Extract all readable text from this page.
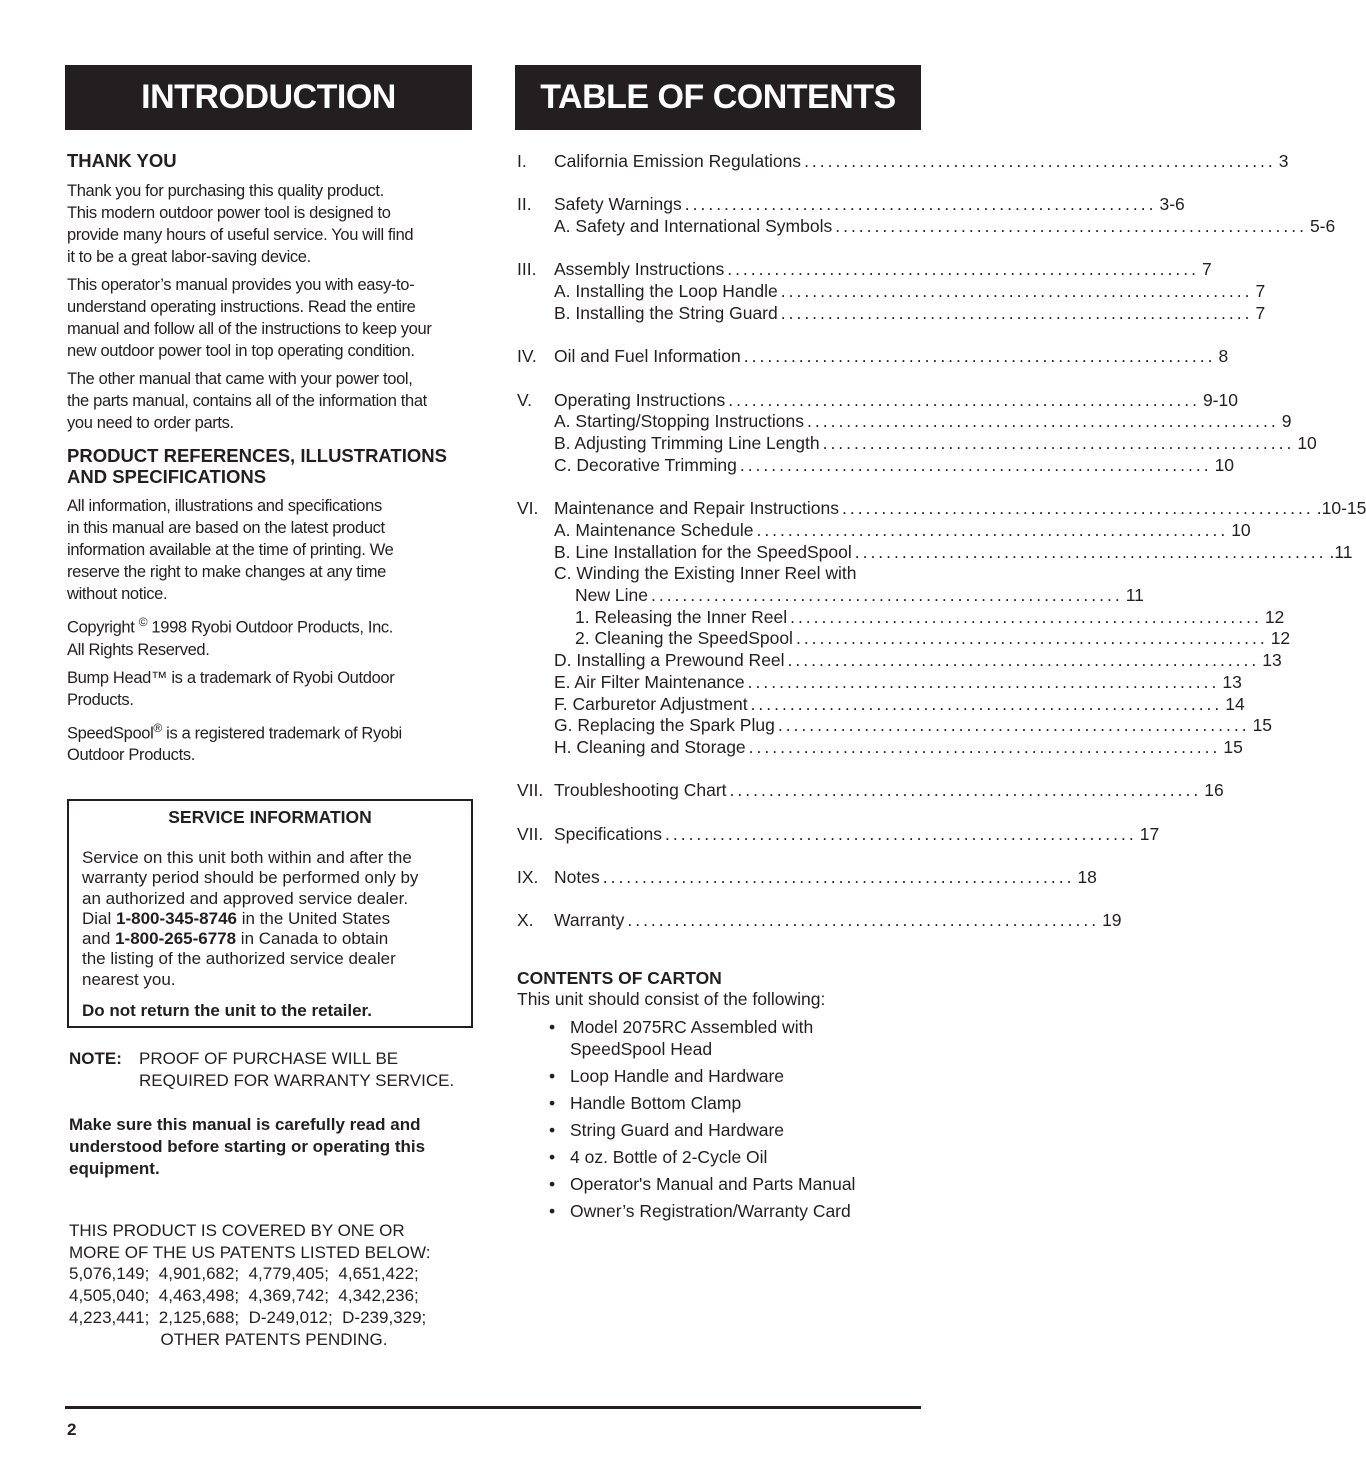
INTRODUCTION	TABLE OF CONTENTS

THANK YOU

Thank you for purchasing this quality product.
This modern outdoor power tool is designed to
provide many hours of useful service. You will find
it to be a great labor-saving device.
This operator’s manual provides you with easy-to-
understand operating instructions. Read the entire
manual and follow all of the instructions to keep your
new outdoor power tool in top operating condition.
The other manual that came with your power tool,
the parts manual, contains all of the information that
you need to order parts.
PRODUCT REFERENCES, ILLUSTRATIONS
AND SPECIFICATIONS
All information, illustrations and specifications
in this manual are based on the latest product
information available at the time of printing. We
reserve the right to make changes at any time
without notice.
Copyright © 1998 Ryobi Outdoor Products, Inc.
All Rights Reserved.
Bump Head™ is a trademark of Ryobi Outdoor
Products.
SpeedSpool® is a registered trademark of Ryobi
Outdoor Products.

SERVICE INFORMATION

Service on this unit both within and after the

warranty period should be performed only by

an authorized and approved service dealer.

Dial 1-800-345-8746 in the United States

and 1-800-265-6778 in Canada to obtain

the listing of the authorized service dealer

nearest you.

Do not return the unit to the retailer.

NOTE: PROOF OF PURCHASE WILL BE
REQUIRED FOR WARRANTY SERVICE.
Make sure this manual is carefully read and
understood before starting or operating this
equipment.
THIS PRODUCT IS COVERED BY ONE OR
MORE OF THE US PATENTS LISTED BELOW:
5,076,149;  4,901,682;  4,779,405;  4,651,422;
4,505,040;  4,463,498;  4,369,742;  4,342,236;
4,223,441;  2,125,688;  D-249,012;  D-239,329;
OTHER PATENTS PENDING.
I.	California Emission Regulations ............................................................ 3
II.	Safety Warnings ............................................................ 3-6
A. Safety and International Symbols ............................................................ 5-6
III.	Assembly Instructions ............................................................ 7
A. Installing the Loop Handle ............................................................ 7
B. Installing the String Guard ............................................................ 7
IV. Oil and Fuel Information ............................................................ 8
V.	Operating Instructions ............................................................ 9-10
A. Starting/Stopping Instructions ............................................................ 9
B. Adjusting Trimming Line Length ............................................................ 10
C. Decorative Trimming ............................................................ 10
VI. Maintenance and Repair Instructions ............................................................ .10-15
A. Maintenance Schedule ............................................................ 10
B. Line Installation for the SpeedSpool ............................................................ .11
C. Winding the Existing Inner Reel with
New Line ............................................................ 11
1. Releasing the Inner Reel ............................................................ 12
2. Cleaning the SpeedSpool ............................................................ 12
D. Installing a Prewound Reel ............................................................ 13
E. Air Filter Maintenance ............................................................ 13
F. Carburetor Adjustment ............................................................ 14
G. Replacing the Spark Plug ............................................................ 15
H. Cleaning and Storage ............................................................ 15
VII. Troubleshooting Chart ............................................................ 16
VII. Specifications ............................................................ 17
IX. Notes ............................................................ 18
X.	Warranty ............................................................ 19
CONTENTS OF CARTON
This unit should consist of the following:
• Model 2075RC Assembled with
SpeedSpool Head
• Loop Handle and Hardware
• Handle Bottom Clamp
• String Guard and Hardware
• 4 oz. Bottle of 2-Cycle Oil
• Operator's Manual and Parts Manual
• Owner’s Registration/Warranty Card
2
